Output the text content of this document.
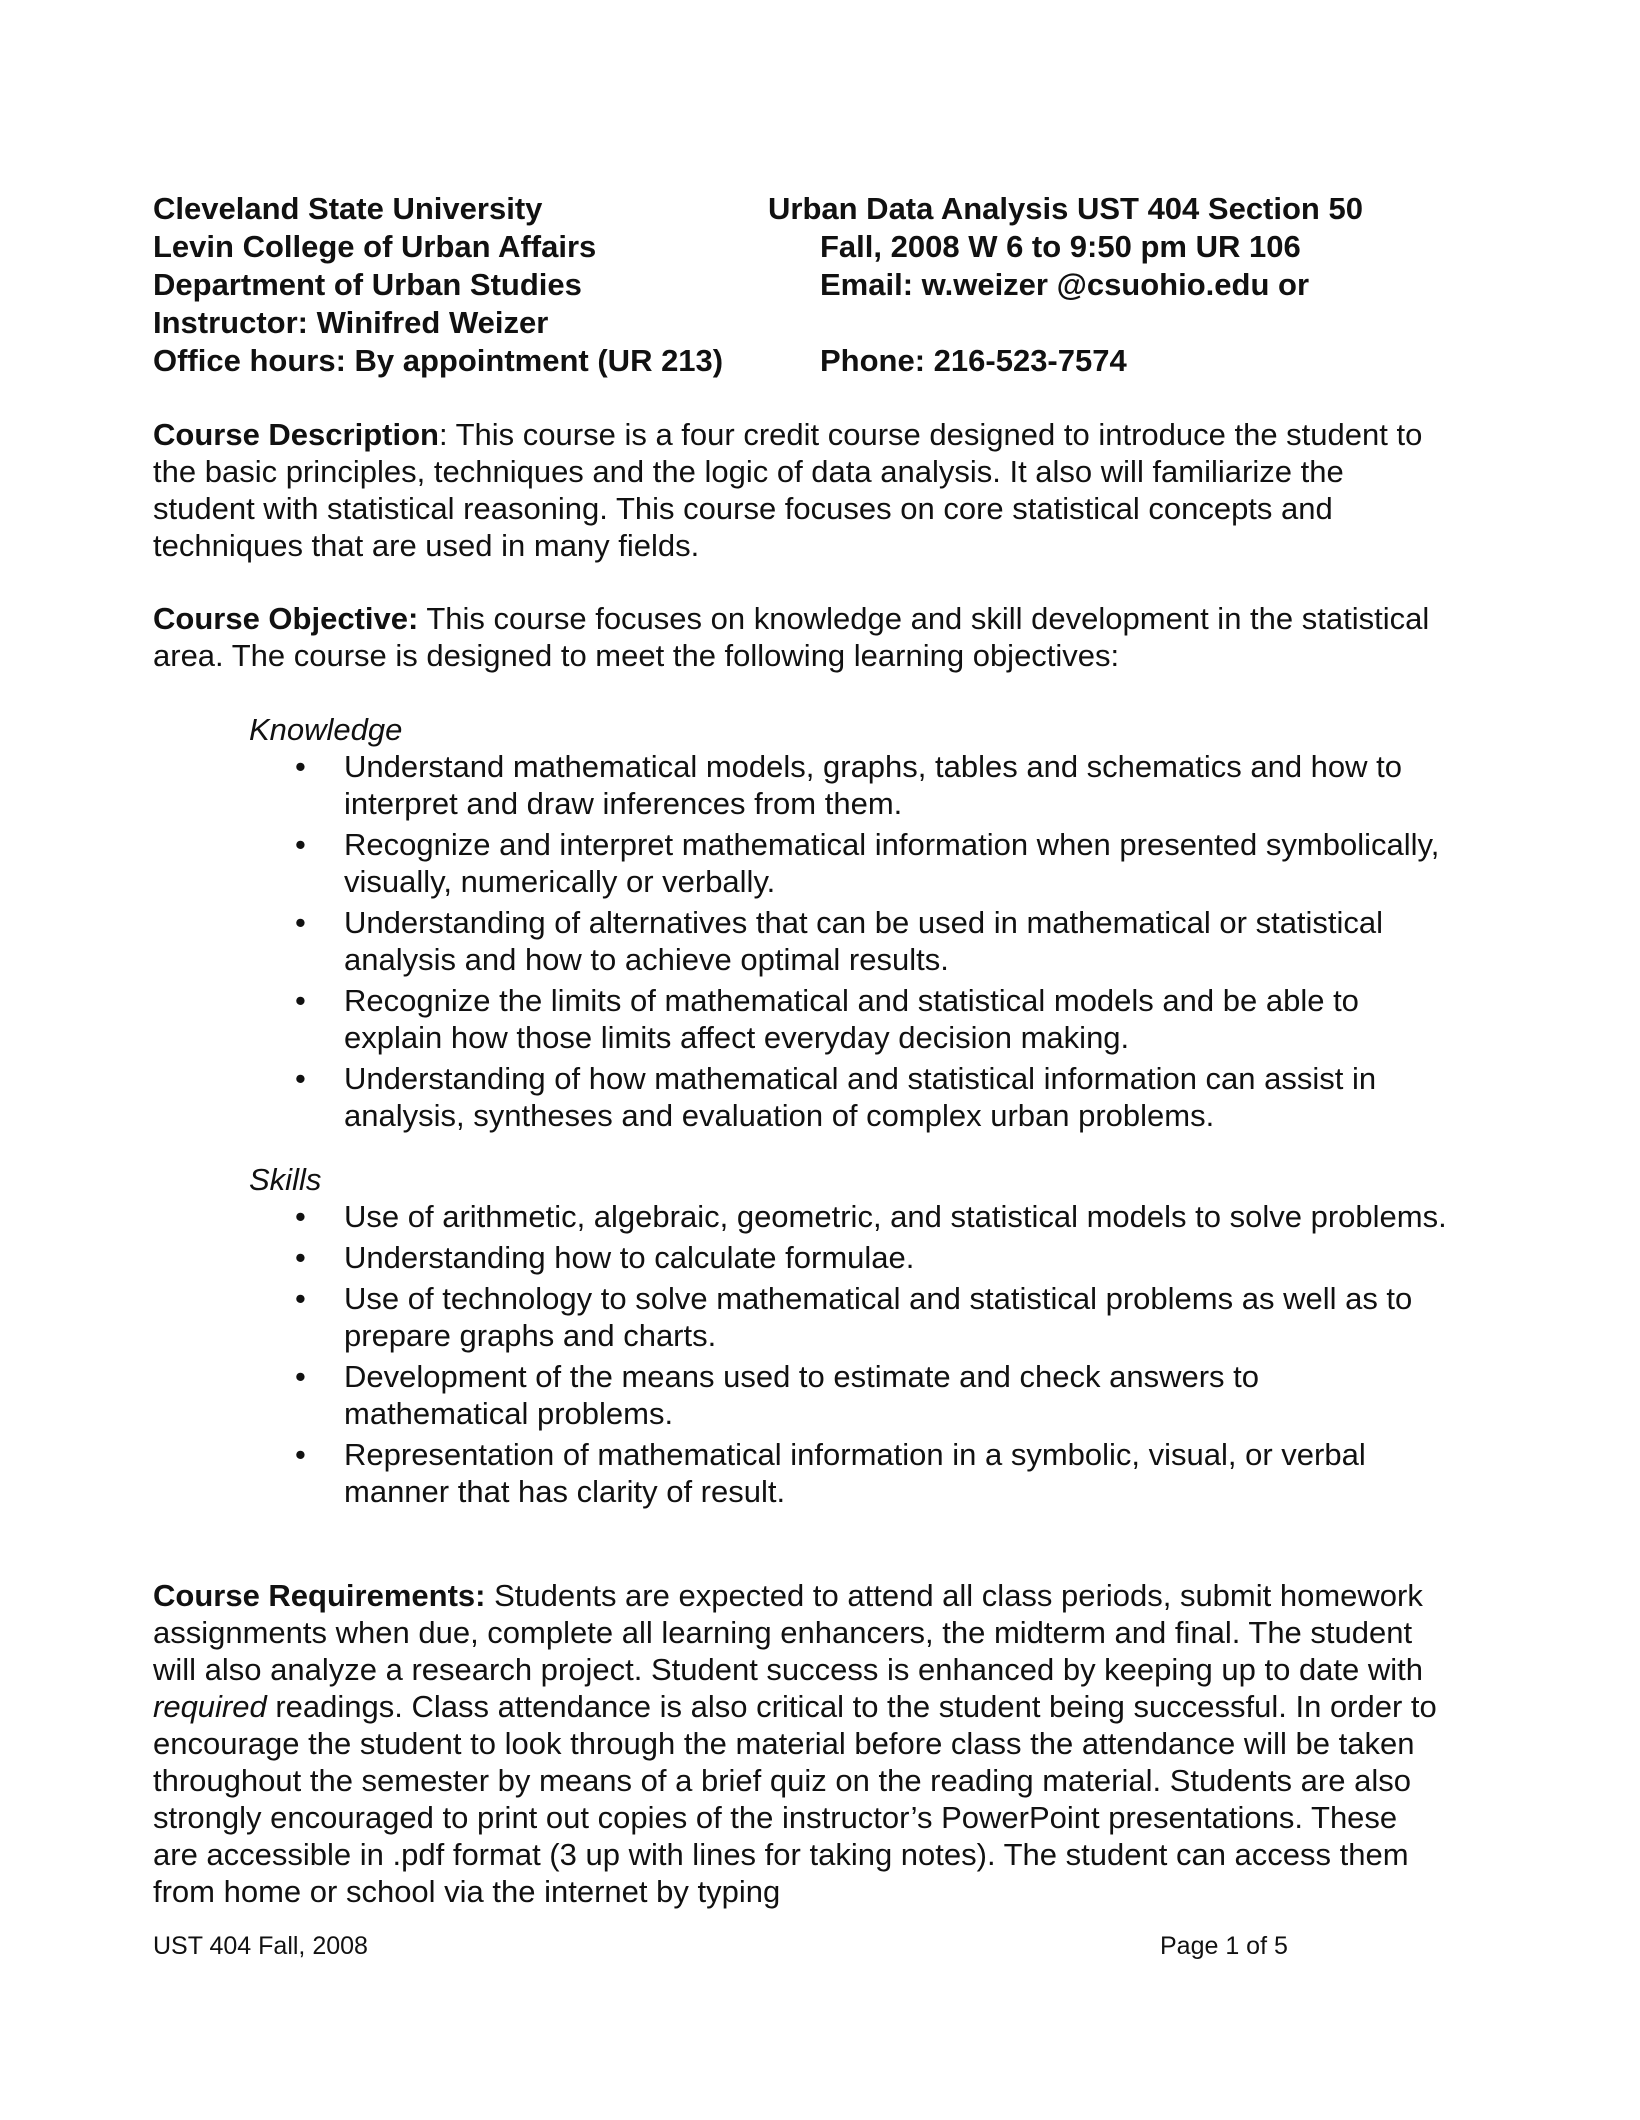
Cleveland State University	Urban Data Analysis UST 404 Section 50
Levin College of Urban Affairs	Fall, 2008 W 6 to 9:50 pm UR 106
Department of Urban Studies	Email: w.weizer @csuohio.edu or
Instructor: Winifred Weizer
Office hours: By appointment (UR 213)	Phone: 216-523-7574
Course Description: This course is a four credit course designed to introduce the student to the basic principles, techniques and the logic of data analysis. It also will familiarize the student with statistical reasoning. This course focuses on core statistical concepts and techniques that are used in many fields.
Course Objective: This course focuses on knowledge and skill development in the statistical area. The course is designed to meet the following learning objectives:
Knowledge
• Understand mathematical models, graphs, tables and schematics and how to interpret and draw inferences from them.
• Recognize and interpret mathematical information when presented symbolically, visually, numerically or verbally.
• Understanding of alternatives that can be used in mathematical or statistical analysis and how to achieve optimal results.
• Recognize the limits of mathematical and statistical models and be able to explain how those limits affect everyday decision making.
• Understanding of how mathematical and statistical information can assist in analysis, syntheses and evaluation of complex urban problems.
Skills
• Use of arithmetic, algebraic, geometric, and statistical models to solve problems.
• Understanding how to calculate formulae.
• Use of technology to solve mathematical and statistical problems as well as to prepare graphs and charts.
• Development of the means used to estimate and check answers to mathematical problems.
• Representation of mathematical information in a symbolic, visual, or verbal manner that has clarity of result.
Course Requirements: Students are expected to attend all class periods, submit homework assignments when due, complete all learning enhancers, the midterm and final. The student will also analyze a research project. Student success is enhanced by keeping up to date with required readings. Class attendance is also critical to the student being successful. In order to encourage the student to look through the material before class the attendance will be taken throughout the semester by means of a brief quiz on the reading material. Students are also strongly encouraged to print out copies of the instructor’s PowerPoint presentations. These are accessible in .pdf format (3 up with lines for taking notes). The student can access them from home or school via the internet by typing
UST 404 Fall, 2008	Page 1 of 5
